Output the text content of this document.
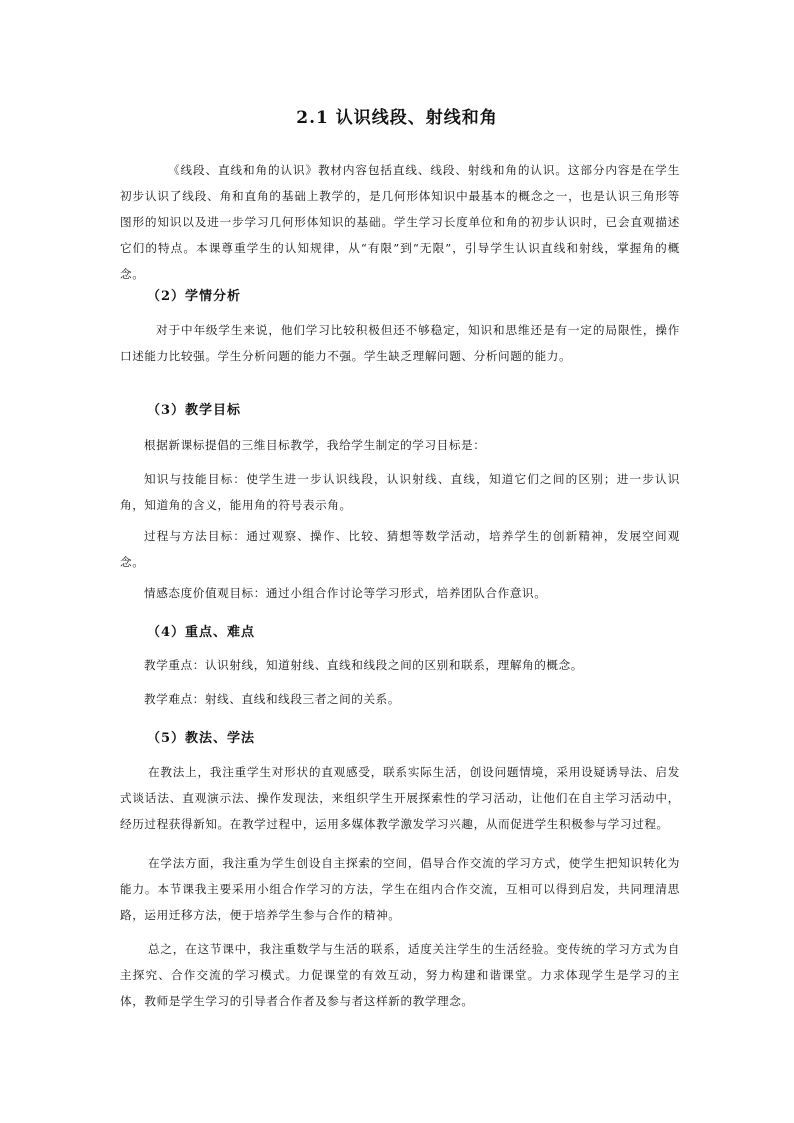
2.1 认识线段、射线和角

《线段、直线和角的认识》教材内容包括直线、线段、射线和角的认识。这部分内容是在学生初步认识了线段、角和直角的基础上教学的，是几何形体知识中最基本的概念之一，也是认识三角形等图形的知识以及进一步学习几何形体知识的基础。学生学习长度单位和角的初步认识时，已会直观描述它们的特点。本课尊重学生的认知规律，从“有限”到“无限”，引导学生认识直线和射线，掌握角的概念。

（2）学情分析

对于中年级学生来说，他们学习比较积极但还不够稳定，知识和思维还是有一定的局限性，操作口述能力比较强。学生分析问题的能力不强。学生缺乏理解问题、分析问题的能力。

（3）教学目标

根据新课标提倡的三维目标教学，我给学生制定的学习目标是：

知识与技能目标：使学生进一步认识线段，认识射线、直线，知道它们之间的区别；进一步认识角，知道角的含义，能用角的符号表示角。

过程与方法目标：通过观察、操作、比较、猜想等数学活动，培养学生的创新精神，发展空间观念。

情感态度价值观目标：通过小组合作讨论等学习形式，培养团队合作意识。

（4）重点、难点

教学重点：认识射线，知道射线、直线和线段之间的区别和联系，理解角的概念。

教学难点：射线、直线和线段三者之间的关系。

（5）教法、学法

在教法上，我注重学生对形状的直观感受，联系实际生活，创设问题情境，采用设疑诱导法、启发式谈话法、直观演示法、操作发现法，来组织学生开展探索性的学习活动，让他们在自主学习活动中，经历过程获得新知。在教学过程中，运用多媒体教学激发学习兴趣，从而促进学生积极参与学习过程。

在学法方面，我注重为学生创设自主探索的空间，倡导合作交流的学习方式，使学生把知识转化为能力。本节课我主要采用小组合作学习的方法，学生在组内合作交流，互相可以得到启发，共同理清思路，运用迁移方法，便于培养学生参与合作的精神。

总之，在这节课中，我注重数学与生活的联系，适度关注学生的生活经验。变传统的学习方式为自主探究、合作交流的学习模式。力促课堂的有效互动，努力构建和谐课堂。力求体现学生是学习的主体，教师是学生学习的引导者合作者及参与者这样新的教学理念。
